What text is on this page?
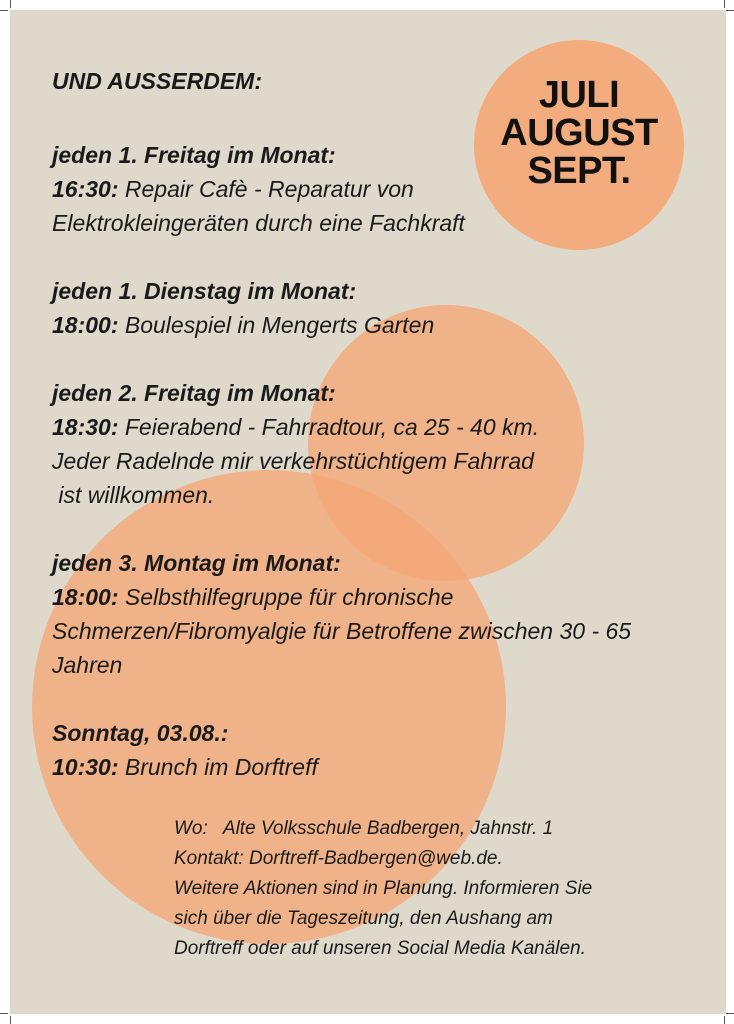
JULI
AUGUST
SEPT.
UND AUSSERDEM:
jeden 1. Freitag im Monat:
16:30: Repair Cafè - Reparatur von
Elektrokleingeräten durch eine Fachkraft
jeden 1. Dienstag im Monat:
18:00: Boulespiel in Mengerts Garten
jeden 2. Freitag im Monat:
18:30: Feierabend - Fahrradtour, ca 25 - 40 km.
Jeder Radelnde mir verkehrstüchtigem Fahrrad
ist willkommen.
jeden 3. Montag im Monat:
18:00: Selbsthilfegruppe für chronische
Schmerzen/Fibromyalgie für Betroffene zwischen 30 - 65
Jahren
Sonntag, 03.08.:
10:30: Brunch im Dorftreff
Wo:   Alte Volksschule Badbergen, Jahnstr. 1
Kontakt: Dorftreff-Badbergen@web.de.
Weitere Aktionen sind in Planung. Informieren Sie
sich über die Tageszeitung, den Aushang am
Dorftreff oder auf unseren Social Media Kanälen.
